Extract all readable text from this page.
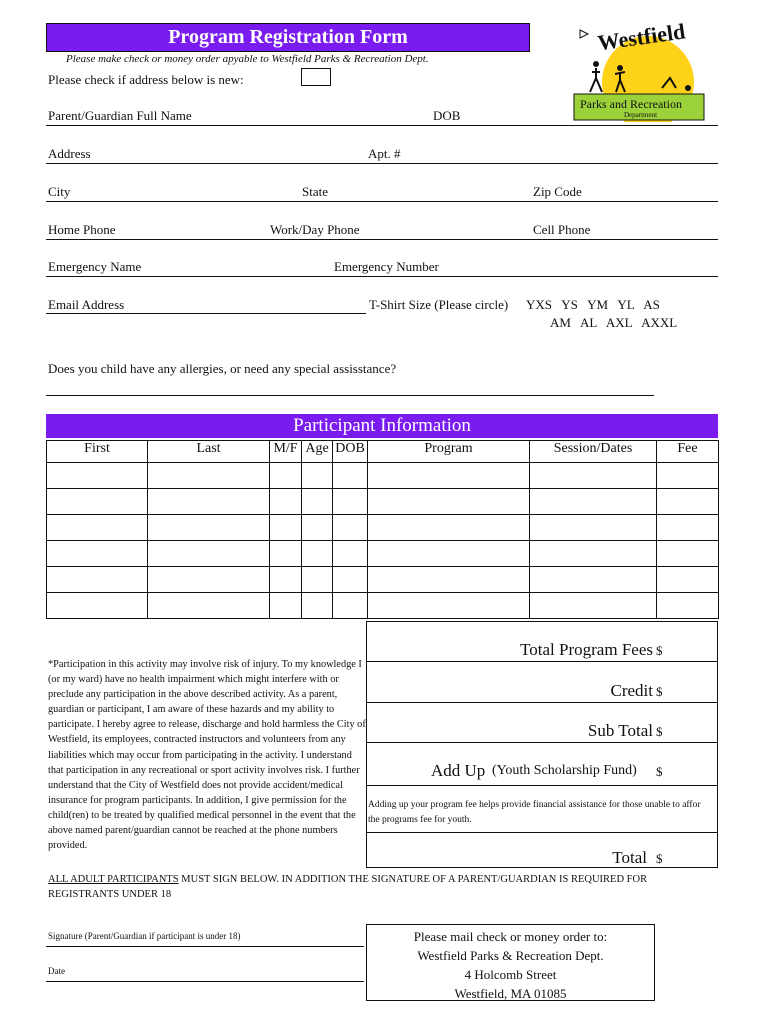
Program Registration Form
Please make check or money order apyable to Westfield Parks & Recreation Dept.
Please check if address below is new:
Westfield
Parks and Recreation
Department
Parent/Guardian Full Name	DOB
Address	Apt. #
City	State	Zip Code
Home Phone	Work/Day Phone	Cell Phone
Emergency Name	Emergency Number
Email Address	T-Shirt Size (Please circle) YXS   YS   YM   YL   AS
AM   AL   AXL   AXXL
Does you child have any allergies, or need any special assisstance?
Participant Information
First	Last	M/F	Age	DOB	Program	Session/Dates	Fee

*Participation in this activity may involve risk of injury. To my knowledge I (or my ward) have no health impairment which might interfere with or preclude any participation in the above described activity. As a parent, guardian or participant, I am aware of these hazards and my ability to participate. I hereby agree to release, discharge and hold harmless the City of Westfield, its employees, contracted instructors and volunteers from any liabilities which may occur from participating in the activity. I understand that participation in any recreational or sport activity involves risk. I further understand that the City of Westfield does not provide accident/medical insurance for program participants. In addition, I give permission for the child(ren) to be treated by qualified medical personnel in the event that the above named parent/guardian cannot be reached at the phone numbers provided.
Total Program Fees $
Credit $
Sub Total $
Add Up (Youth Scholarship Fund) $
Adding up your program fee helps provide financial assistance for those unable to affor the programs fee for youth.
Total $
ALL ADULT PARTICIPANTS MUST SIGN BELOW. IN ADDITION THE SIGNATURE OF A PARENT/GUARDIAN IS REQUIRED FOR REGISTRANTS UNDER 18
Signature (Parent/Guardian if participant is under 18)
Date
Please mail check or money order to:
Westfield Parks & Recreation Dept.
4 Holcomb Street
Westfield, MA 01085
